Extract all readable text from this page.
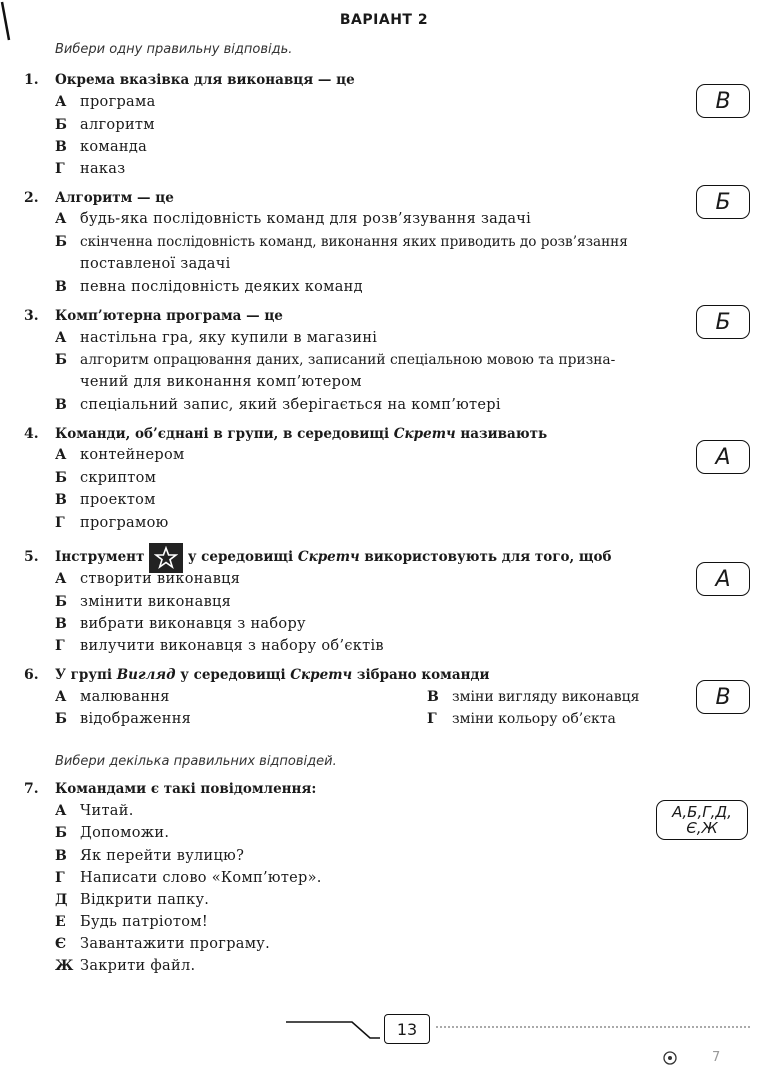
ВАРІАНТ 2
Вибери одну правильну відповідь.
1. Окрема вказівка для виконавця — це
А програма
Б алгоритм
В команда
Г наказ
В
2. Алгоритм — це
А будь-яка послідовність команд для розв’язування задачі
Б скінченна послідовність команд, виконання яких приводить до розв’язання
поставленої задачі
В певна послідовність деяких команд
Б
3. Комп’ютерна програма — це
А настільна гра, яку купили в магазині
Б алгоритм опрацювання даних, записаний спеціальною мовою та призна-
чений для виконання комп’ютером
В спеціальний запис, який зберігається на комп’ютері
Б
4. Команди, об’єднані в групи, в середовищі Скретч називають
А контейнером
Б скриптом
В проектом
Г програмою
А
5. Інструмент	у середовищі Скретч використовують для того, щоб
А створити виконавця
Б змінити виконавця
В вибрати виконавця з набору
Г вилучити виконавця з набору об’єктів
А
6. У групі Вигляд у середовищі Скретч зібрано команди
А малювання
Б відображення
В зміни вигляду виконавця
Г зміни кольору об’єкта
В
Вибери декілька правильних відповідей.
7. Командами є такі повідомлення:
А Читай.
Б Допоможи.
В Як перейти вулицю?
Г Написати слово «Комп’ютер».
Д Відкрити папку.
Е Будь патріотом!
Є Завантажити програму.
Ж Закрити файл.
А,Б,Г,Д,
Є,Ж
13
7
